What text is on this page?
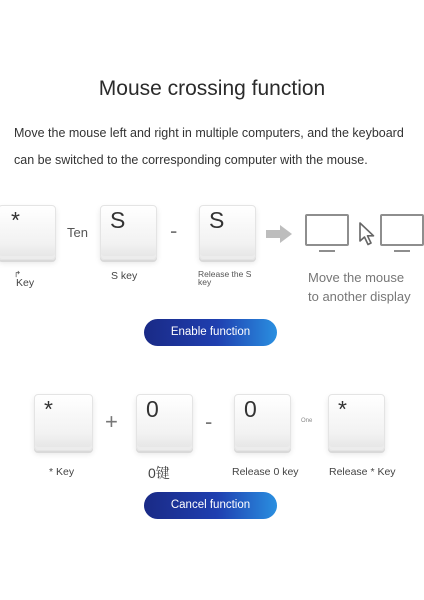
Mouse crossing function
Move the mouse left and right in multiple computers, and the keyboard
can be switched to the corresponding computer with the mouse.
*
↱
Key
Ten S
S key
- S
Release the S
key	Move the mouse
to another display
Enable function
*
* Key
+ 0
0键
- 0
Release 0 key
One *
Release * Key
Cancel function
